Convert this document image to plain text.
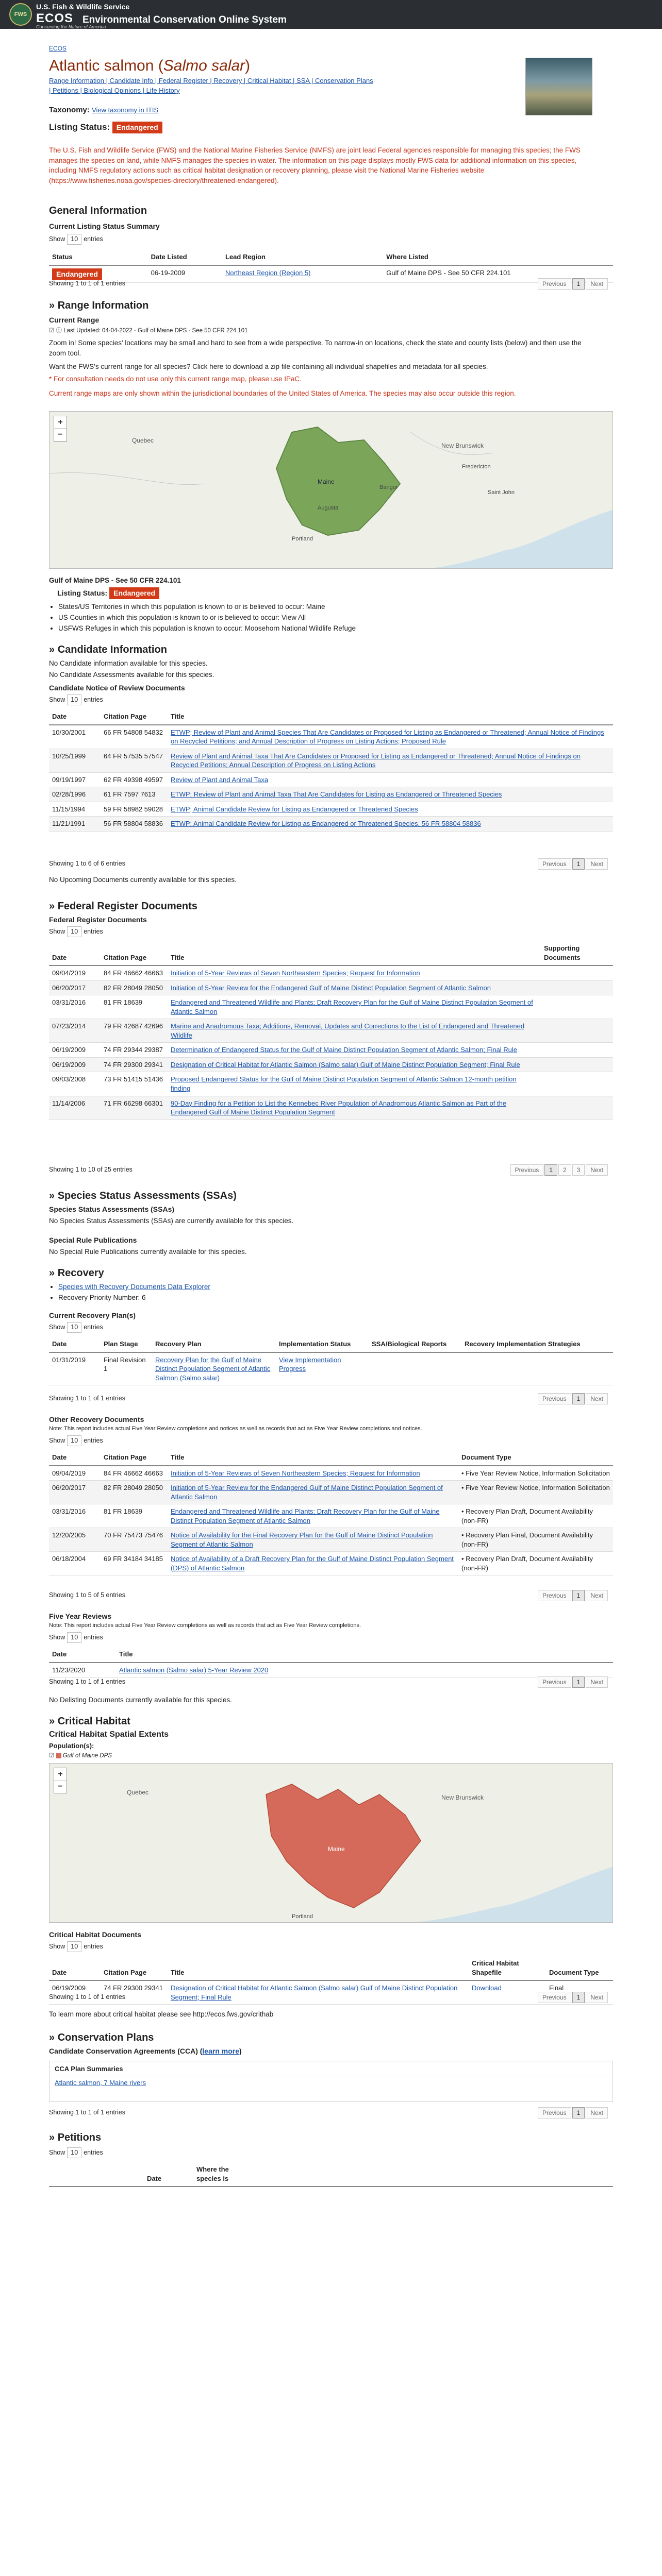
FWS
U.S. Fish & Wildlife Service
ECOS Environmental Conservation Online System
Conserving the Nature of America
ECOS
Atlantic salmon (Salmo salar)
Range Information | Candidate Info | Federal Register | Recovery | Critical Habitat | SSA | Conservation Plans
| Petitions | Biological Opinions | Life History
Taxonomy: View taxonomy in ITIS
Listing Status: Endangered
The U.S. Fish and Wildlife Service (FWS) and the National Marine Fisheries Service (NMFS) are joint lead Federal agencies responsible for managing this species; the FWS manages the species on land, while NMFS manages the species in water. The information on this page displays mostly FWS data for additional information on this species, including NMFS regulatory actions such as critical habitat designation or recovery planning, please visit the National Marine Fisheries website (https://www.fisheries.noaa.gov/species-directory/threatened-endangered).
General Information
Current Listing Status Summary
Show 10 entries
Status	Date Listed	Lead Region	Where Listed
Endangered	06-19-2009	Northeast Region (Region 5)	Gulf of Maine DPS - See 50 CFR 224.101
Showing 1 to 1 of 1 entries	Previous 1 Next
» Range Information
Current Range
☑ ⓘ Last Updated: 04-04-2022 - Gulf of Maine DPS - See 50 CFR 224.101
Zoom in! Some species' locations may be small and hard to see from a wide perspective. To narrow-in on locations, check the state and county lists (below) and then use the zoom tool.
Want the FWS's current range for all species? Click here to download a zip file containing all individual shapefiles and metadata for all species.
* For consultation needs do not use only this current range map, please use IPaC.
Current range maps are only shown within the jurisdictional boundaries of the United States of America. The species may also occur outside this region.
Quebec
Maine
New Brunswick
Bangor
Augusta
Portland
Fredericton
Saint John
+
−
Gulf of Maine DPS - See 50 CFR 224.101
Listing Status: Endangered
• States/US Territories in which this population is known to or is believed to occur: Maine
• US Counties in which this population is known to or is believed to occur: View All
• USFWS Refuges in which this population is known to occur: Moosehorn National Wildlife Refuge
» Candidate Information
No Candidate information available for this species.
No Candidate Assessments available for this species.
Candidate Notice of Review Documents
Show 10 entries
Date	Citation Page	Title
10/30/2001	66 FR 54808 54832	ETWP; Review of Plant and Animal Species That Are Candidates or Proposed for Listing as Endangered or Threatened; Annual Notice of Findings on Recycled Petitions; and Annual Description of Progress on Listing Actions; Proposed Rule
10/25/1999	64 FR 57535 57547	Review of Plant and Animal Taxa That Are Candidates or Proposed for Listing as Endangered or Threatened; Annual Notice of Findings on Recycled Petitions; Annual Description of Progress on Listing Actions
09/19/1997	62 FR 49398 49597	Review of Plant and Animal Taxa
02/28/1996	61 FR 7597 7613	ETWP; Review of Plant and Animal Taxa That Are Candidates for Listing as Endangered or Threatened Species
11/15/1994	59 FR 58982 59028	ETWP; Animal Candidate Review for Listing as Endangered or Threatened Species
11/21/1991	56 FR 58804 58836	ETWP; Animal Candidate Review for Listing as Endangered or Threatened Species, 56 FR 58804 58836
Showing 1 to 6 of 6 entries	Previous 1 Next
No Upcoming Documents currently available for this species.
» Federal Register Documents
Federal Register Documents
Show 10 entries
Date	Citation Page	Title	Supporting Documents
09/04/2019	84 FR 46662 46663	Initiation of 5-Year Reviews of Seven Northeastern Species; Request for Information	
06/20/2017	82 FR 28049 28050	Initiation of 5-Year Review for the Endangered Gulf of Maine Distinct Population Segment of Atlantic Salmon	
03/31/2016	81 FR 18639	Endangered and Threatened Wildlife and Plants; Draft Recovery Plan for the Gulf of Maine Distinct Population Segment of Atlantic Salmon	
07/23/2014	79 FR 42687 42696	Marine and Anadromous Taxa; Additions, Removal, Updates and Corrections to the List of Endangered and Threatened Wildlife	
06/19/2009	74 FR 29344 29387	Determination of Endangered Status for the Gulf of Maine Distinct Population Segment of Atlantic Salmon; Final Rule	
06/19/2009	74 FR 29300 29341	Designation of Critical Habitat for Atlantic Salmon (Salmo salar) Gulf of Maine Distinct Population Segment; Final Rule	
09/03/2008	73 FR 51415 51436	Proposed Endangered Status for the Gulf of Maine Distinct Population Segment of Atlantic Salmon 12-month petition finding	
11/14/2006	71 FR 66298 66301	90-Day Finding for a Petition to List the Kennebec River Population of Anadromous Atlantic Salmon as Part of the Endangered Gulf of Maine Distinct Population Segment	
Showing 1 to 10 of 25 entries	Previous 1 2 3 Next
» Species Status Assessments (SSAs)
Species Status Assessments (SSAs)
No Species Status Assessments (SSAs) are currently available for this species.
Special Rule Publications
No Special Rule Publications currently available for this species.
» Recovery
• Species with Recovery Documents Data Explorer
• Recovery Priority Number: 6
Current Recovery Plan(s)
Show 10 entries
Date	Plan Stage	Recovery Plan	Implementation Status	SSA/Biological Reports	Recovery Implementation Strategies
01/31/2019	Final Revision 1	Recovery Plan for the Gulf of Maine Distinct Population Segment of Atlantic Salmon (Salmo salar)	View Implementation Progress		
Showing 1 to 1 of 1 entries	Previous 1 Next
Other Recovery Documents
Note: This report includes actual Five Year Review completions and notices as well as records that act as Five Year Review completions and notices.
Show 10 entries
Date	Citation Page	Title	Document Type
09/04/2019	84 FR 46662 46663	Initiation of 5-Year Reviews of Seven Northeastern Species; Request for Information	• Five Year Review Notice, Information Solicitation
06/20/2017	82 FR 28049 28050	Initiation of 5-Year Review for the Endangered Gulf of Maine Distinct Population Segment of Atlantic Salmon	• Five Year Review Notice, Information Solicitation
03/31/2016	81 FR 18639	Endangered and Threatened Wildlife and Plants; Draft Recovery Plan for the Gulf of Maine Distinct Population Segment of Atlantic Salmon	• Recovery Plan Draft, Document Availability (non-FR)
12/20/2005	70 FR 75473 75476	Notice of Availability for the Final Recovery Plan for the Gulf of Maine Distinct Population Segment of Atlantic Salmon	• Recovery Plan Final, Document Availability (non-FR)
06/18/2004	69 FR 34184 34185	Notice of Availability of a Draft Recovery Plan for the Gulf of Maine Distinct Population Segment (DPS) of Atlantic Salmon	• Recovery Plan Draft, Document Availability (non-FR)
Showing 1 to 5 of 5 entries	Previous 1 Next
Five Year Reviews
Note: This report includes actual Five Year Review completions as well as records that act as Five Year Review completions.
Show 10 entries
Date	Title
11/23/2020	Atlantic salmon (Salmo salar) 5-Year Review 2020
Showing 1 to 1 of 1 entries	Previous 1 Next
No Delisting Documents currently available for this species.
» Critical Habitat
Critical Habitat Spatial Extents
Population(s):
☑  Gulf of Maine DPS
Quebec
New Brunswick
Maine
Portland
+
−
Critical Habitat Documents
Show 10 entries
Date	Citation Page	Title	Critical Habitat Shapefile	Document Type
06/19/2009	74 FR 29300 29341	Designation of Critical Habitat for Atlantic Salmon (Salmo salar) Gulf of Maine Distinct Population Segment; Final Rule	Download	Final
Showing 1 to 1 of 1 entries	Previous 1 Next
To learn more about critical habitat please see http://ecos.fws.gov/crithab
» Conservation Plans
Candidate Conservation Agreements (CCA) (learn more)
CCA Plan Summaries
Atlantic salmon, 7 Maine rivers
Showing 1 to 1 of 1 entries	Previous 1 Next
» Petitions
Show 10 entries
	Date	Where the
species is
